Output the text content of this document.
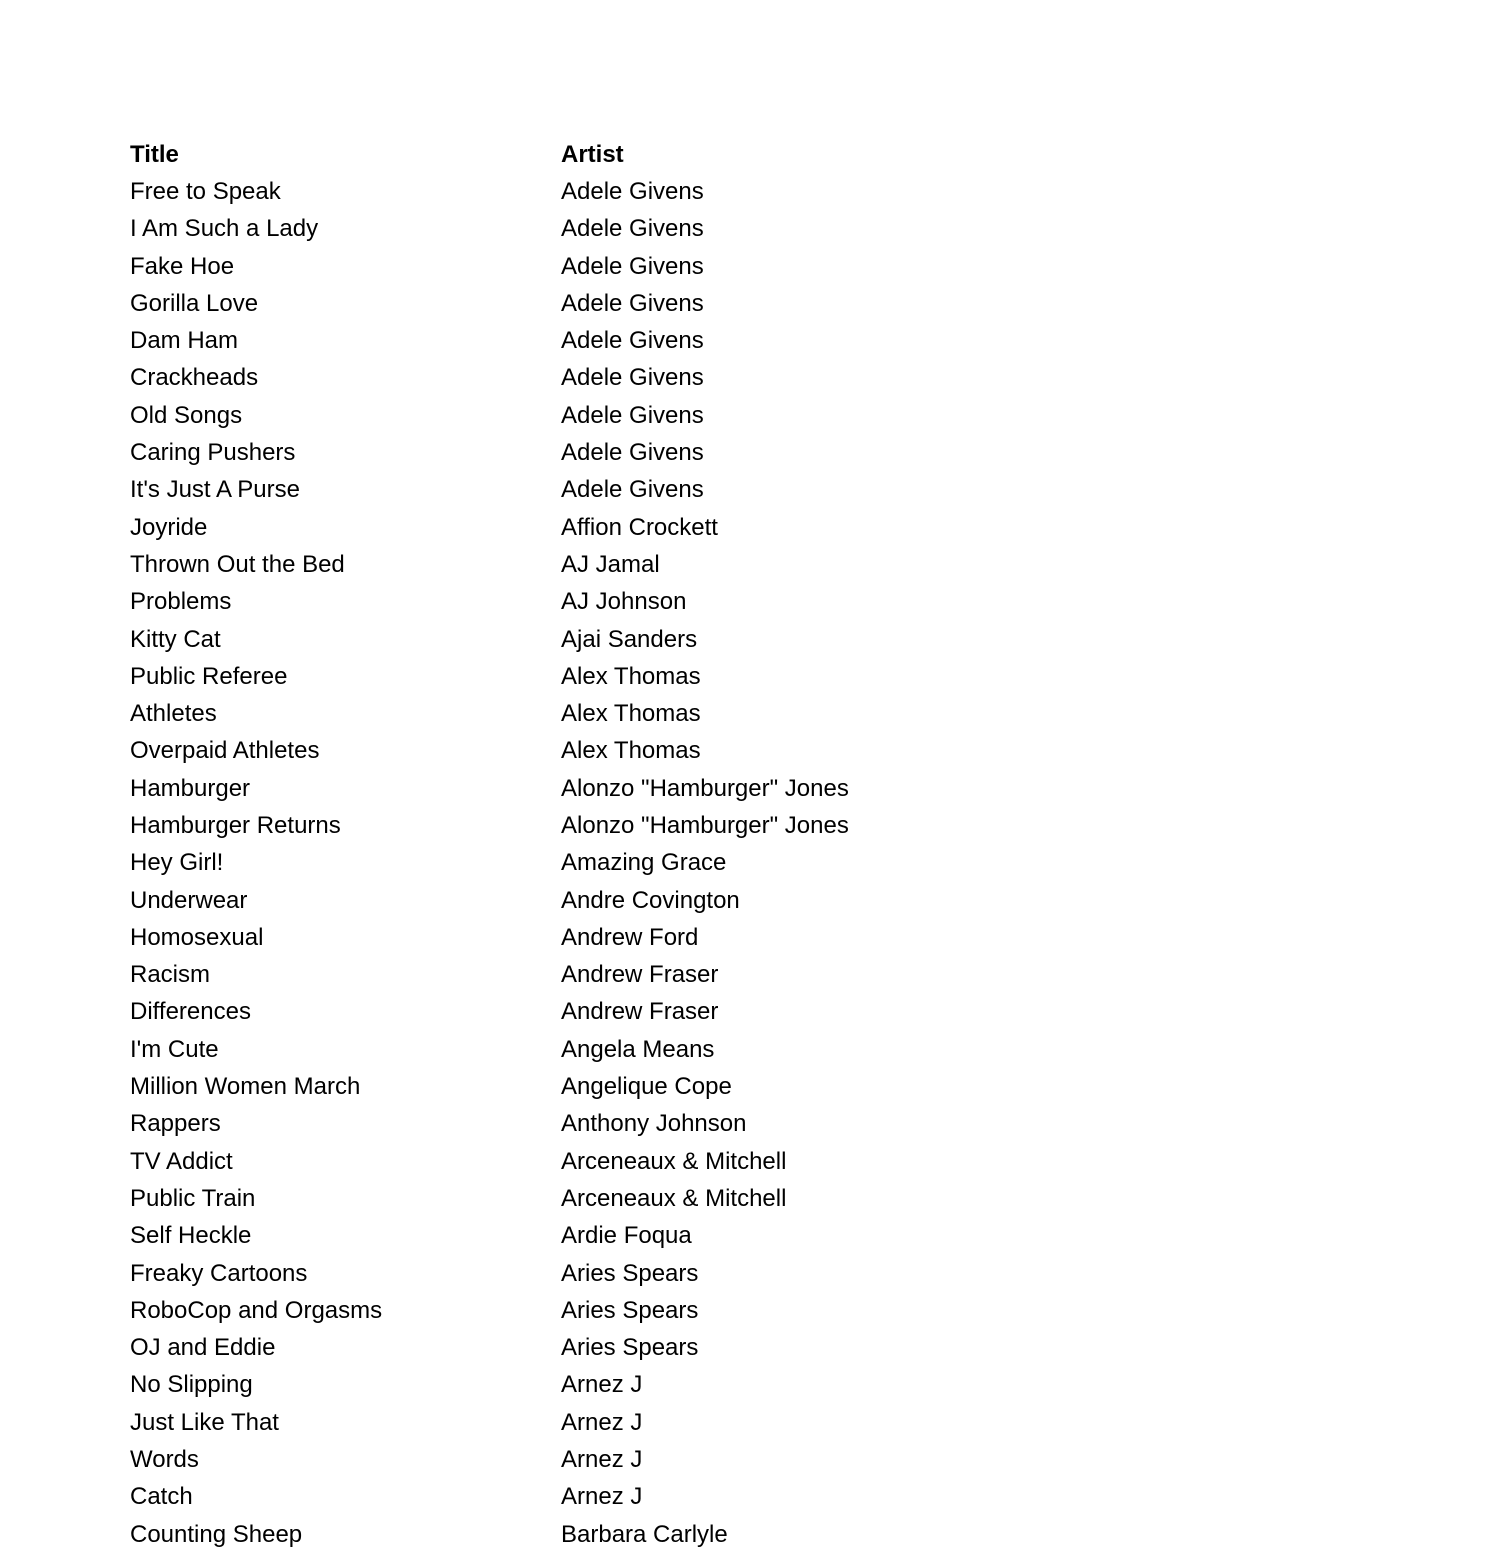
Title	Artist
Free to Speak	Adele Givens
I Am Such a Lady	Adele Givens
Fake Hoe	Adele Givens
Gorilla Love	Adele Givens
Dam Ham	Adele Givens
Crackheads	Adele Givens
Old Songs	Adele Givens
Caring Pushers	Adele Givens
It's Just A Purse	Adele Givens
Joyride	Affion Crockett
Thrown Out the Bed	AJ Jamal
Problems	AJ Johnson
Kitty Cat	Ajai Sanders
Public Referee	Alex Thomas
Athletes	Alex Thomas
Overpaid Athletes	Alex Thomas
Hamburger	Alonzo "Hamburger" Jones
Hamburger Returns	Alonzo "Hamburger" Jones
Hey Girl!	Amazing Grace
Underwear	Andre Covington
Homosexual	Andrew Ford
Racism	Andrew Fraser
Differences	Andrew Fraser
I'm Cute	Angela Means
Million Women March	Angelique Cope
Rappers	Anthony Johnson
TV Addict	Arceneaux & Mitchell
Public Train	Arceneaux & Mitchell
Self Heckle	Ardie Foqua
Freaky Cartoons	Aries Spears
RoboCop and Orgasms	Aries Spears
OJ and Eddie	Aries Spears
No Slipping	Arnez J
Just Like That	Arnez J
Words	Arnez J
Catch	Arnez J
Counting Sheep	Barbara Carlyle
